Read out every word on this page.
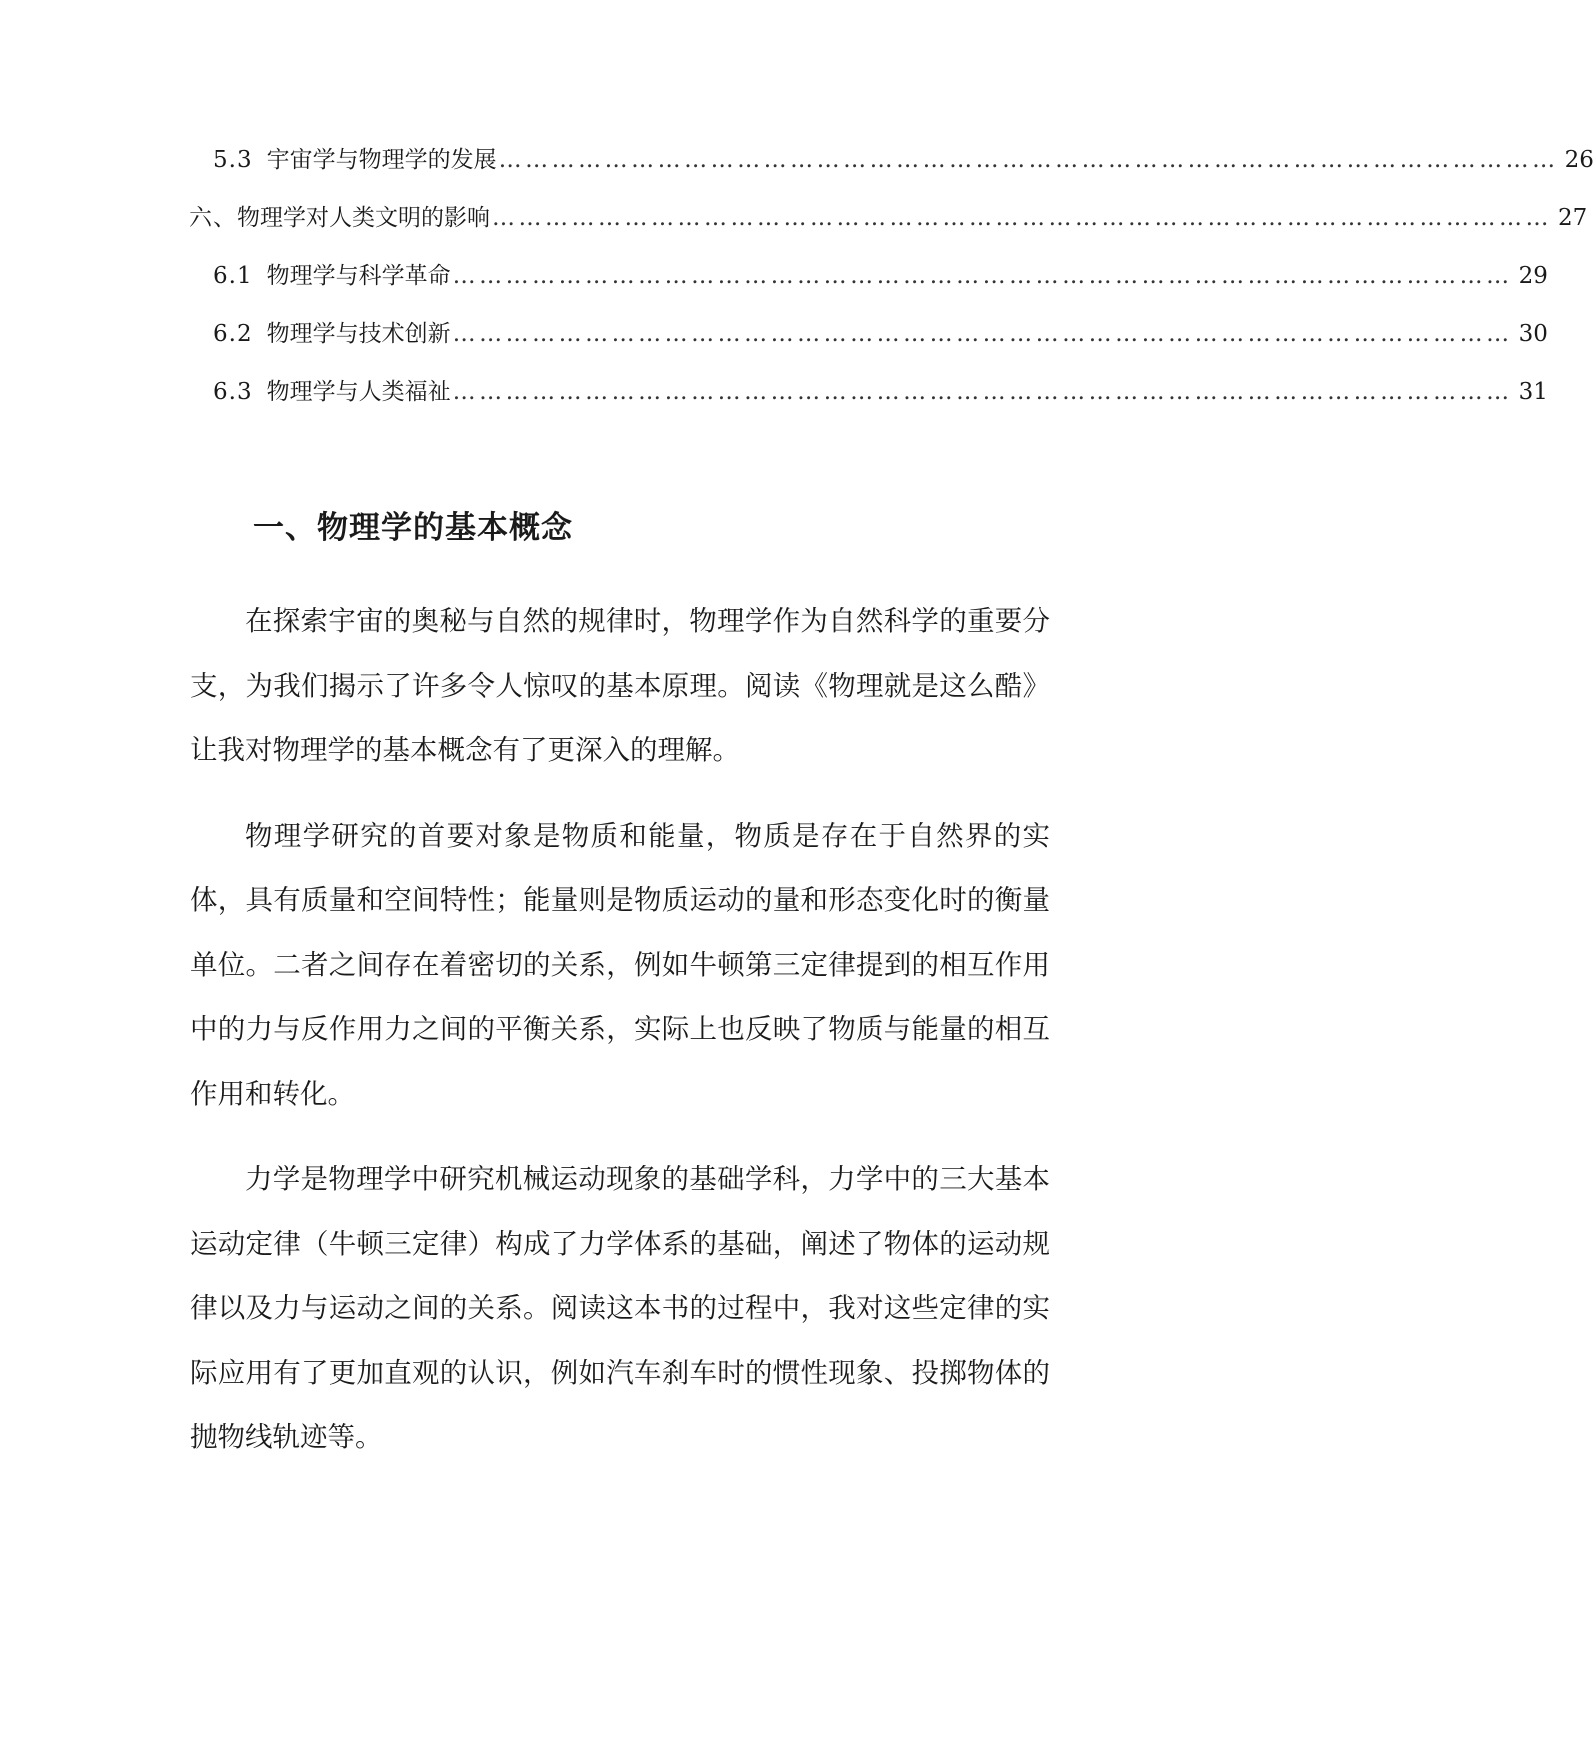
5.3 宇宙学与物理学的发展 ………………………………………………………………………………………………………… 26
六、 物理学对人类文明的影响 ………………………………………………………………………………………………………… 27
6.1 物理学与科学革命 ………………………………………………………………………………………………………… 29
6.2 物理学与技术创新 ………………………………………………………………………………………………………… 30
6.3 物理学与人类福祉 ………………………………………………………………………………………………………… 31
一、物理学的基本概念

在探索宇宙的奥秘与自然的规律时，物理学作为自然科学的重要分支，为我们揭示了许多令人惊叹的基本原理。阅读《物理就是这么酷》让我对物理学的基本概念有了更深入的理解。

物理学研究的首要对象是物质和能量，物质是存在于自然界的实体，具有质量和空间特性；能量则是物质运动的量和形态变化时的衡量单位。二者之间存在着密切的关系，例如牛顿第三定律提到的相互作用中的力与反作用力之间的平衡关系，实际上也反映了物质与能量的相互作用和转化。

力学是物理学中研究机械运动现象的基础学科，力学中的三大基本运动定律（牛顿三定律）构成了力学体系的基础，阐述了物体的运动规律以及力与运动之间的关系。阅读这本书的过程中，我对这些定律的实际应用有了更加直观的认识，例如汽车刹车时的惯性现象、投掷物体的抛物线轨迹等。
